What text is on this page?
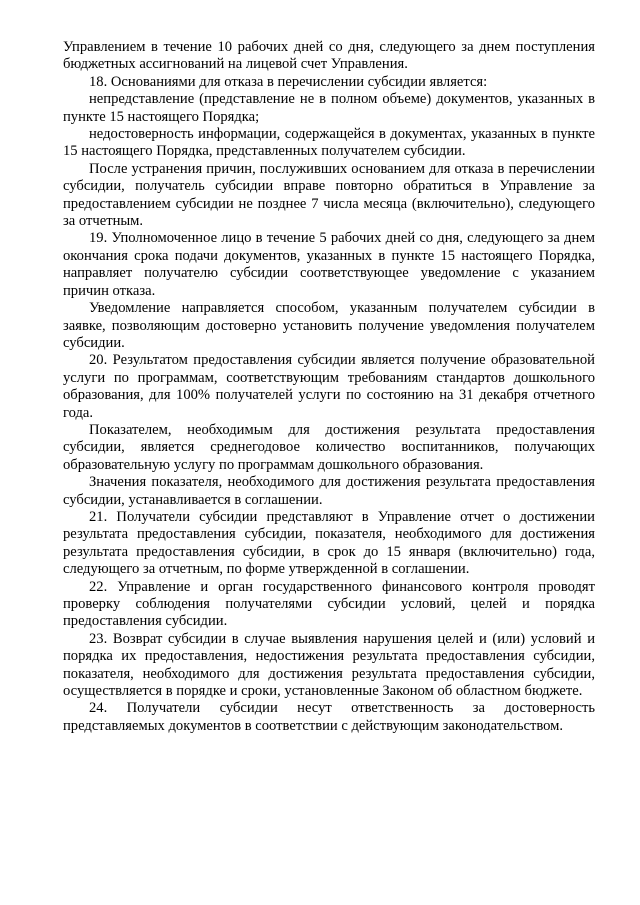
Управлением в течение 10 рабочих дней со дня, следующего за днем поступления бюджетных ассигнований на лицевой счет Управления.

18. Основаниями для отказа в перечислении субсидии является:

непредставление (представление не в полном объеме) документов, указанных в пункте 15 настоящего Порядка;

недостоверность информации, содержащейся в документах, указанных в пункте 15 настоящего Порядка, представленных получателем субсидии.

После устранения причин, послуживших основанием для отказа в перечислении субсидии, получатель субсидии вправе повторно обратиться в Управление за предоставлением субсидии не позднее 7 числа месяца (включительно), следующего за отчетным.

19. Уполномоченное лицо в течение 5 рабочих дней со дня, следующего за днем окончания срока подачи документов, указанных в пункте 15 настоящего Порядка, направляет получателю субсидии соответствующее уведомление с указанием причин отказа.

Уведомление направляется способом, указанным получателем субсидии в заявке, позволяющим достоверно установить получение уведомления получателем субсидии.

20. Результатом предоставления субсидии является получение образовательной услуги по программам, соответствующим требованиям стандартов дошкольного образования, для 100% получателей услуги по состоянию на 31 декабря отчетного года.

Показателем, необходимым для достижения результата предоставления субсидии, является среднегодовое количество воспитанников, получающих образовательную услугу по программам дошкольного образования.

Значения показателя, необходимого для достижения результата предоставления субсидии, устанавливается в соглашении.

21. Получатели субсидии представляют в Управление отчет о достижении результата предоставления субсидии, показателя, необходимого для достижения результата предоставления субсидии, в срок до 15 января (включительно) года, следующего за отчетным, по форме утвержденной в соглашении.

22. Управление и орган государственного финансового контроля проводят проверку соблюдения получателями субсидии условий, целей и порядка предоставления субсидии.

23. Возврат субсидии в случае выявления нарушения целей и (или) условий и порядка их предоставления, недостижения результата предоставления субсидии, показателя, необходимого для достижения результата предоставления субсидии, осуществляется в порядке и сроки, установленные Законом об областном бюджете.

24. Получатели субсидии несут ответственность за достоверность представляемых документов в соответствии с действующим законодательством.
